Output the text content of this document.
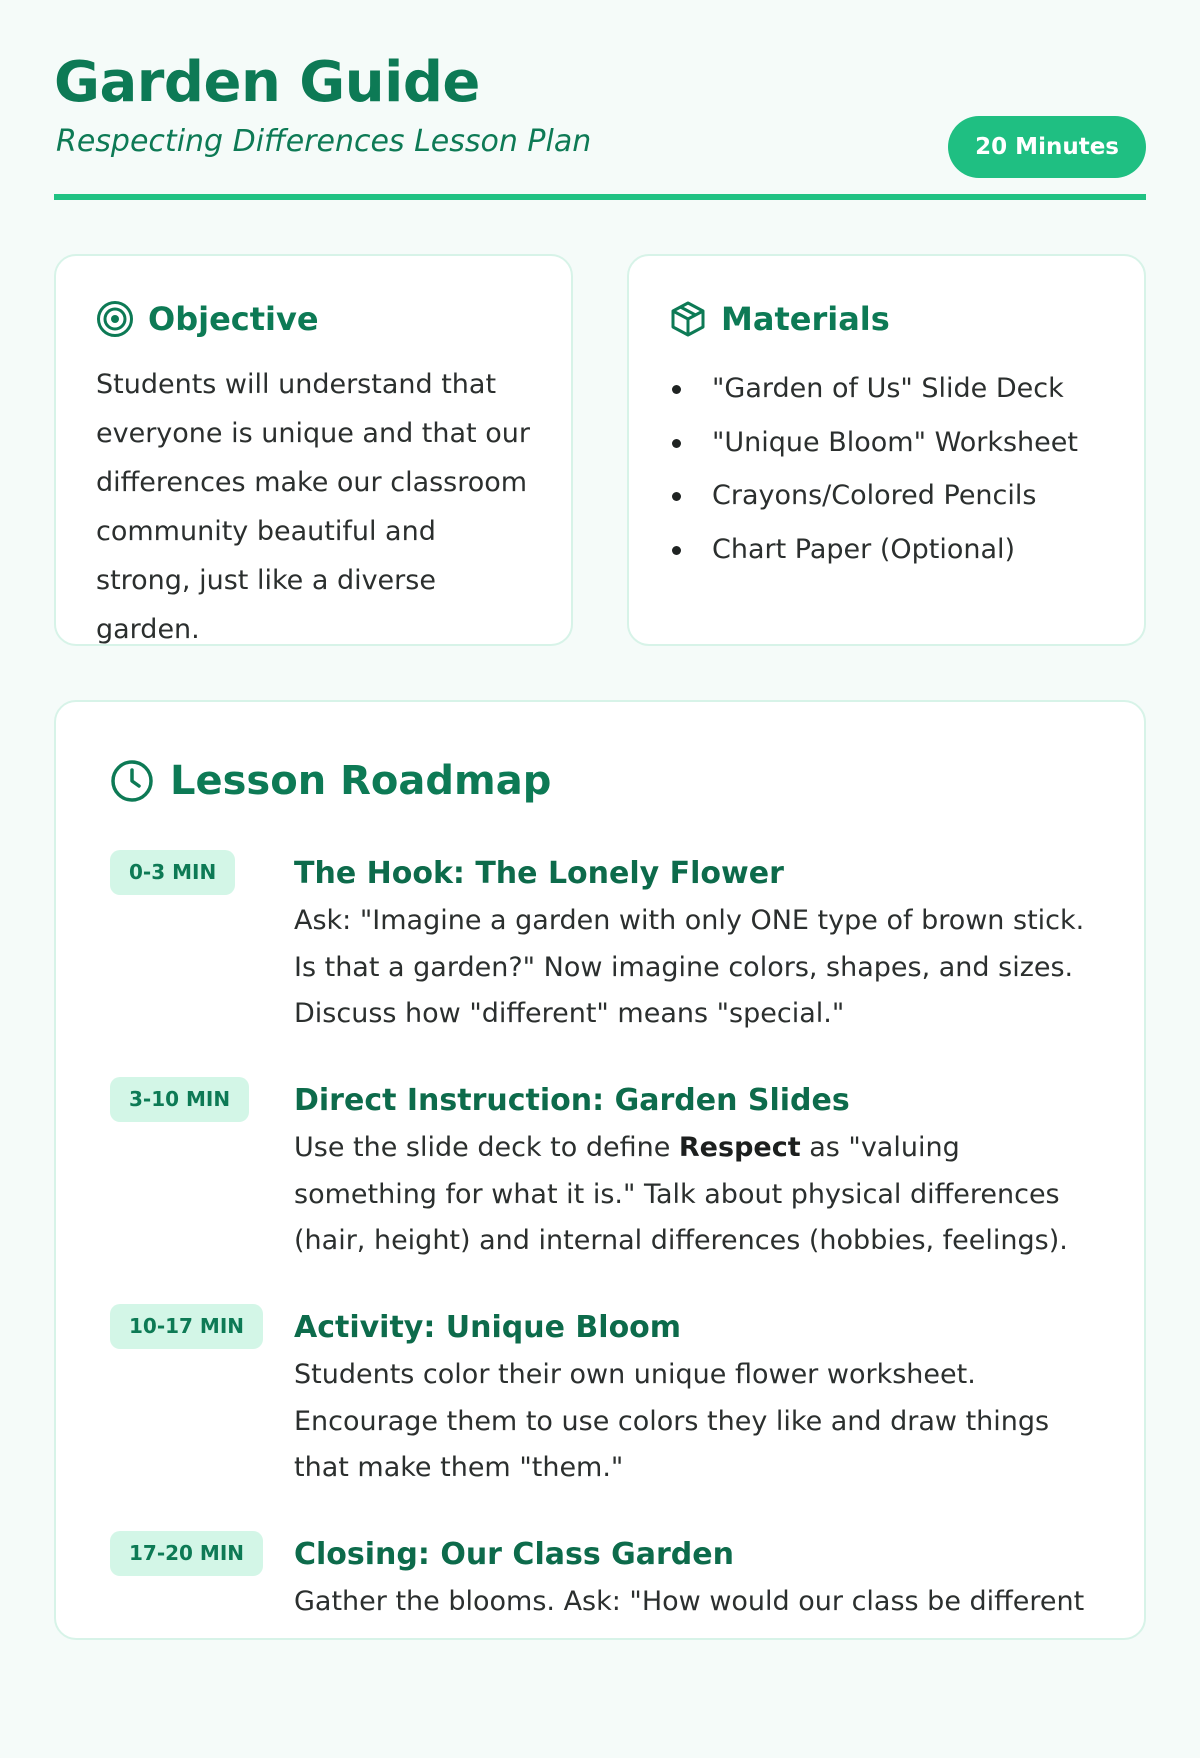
Garden Guide

Respecting Differences Lesson Plan	20 Minutes
Objective

Students will understand that everyone is unique and that our differences make our classroom community beautiful and strong, just like a diverse garden.

Materials
"Garden of Us" Slide Deck
"Unique Bloom" Worksheet
Crayons/Colored Pencils
Chart Paper (Optional)
Lesson Roadmap
0-3 MIN	The Hook: The Lonely Flower

Ask: "Imagine a garden with only ONE type of brown stick. Is that a garden?" Now imagine colors, shapes, and sizes. Discuss how "different" means "special."

3-10 MIN	Direct Instruction: Garden Slides

Use the slide deck to define Respect as "valuing something for what it is." Talk about physical differences (hair, height) and internal differences (hobbies, feelings).

10-17 MIN	Activity: Unique Bloom

Students color their own unique flower worksheet. Encourage them to use colors they like and draw things that make them "them."

17-20 MIN	Closing: Our Class Garden

Gather the blooms. Ask: "How would our class be different
